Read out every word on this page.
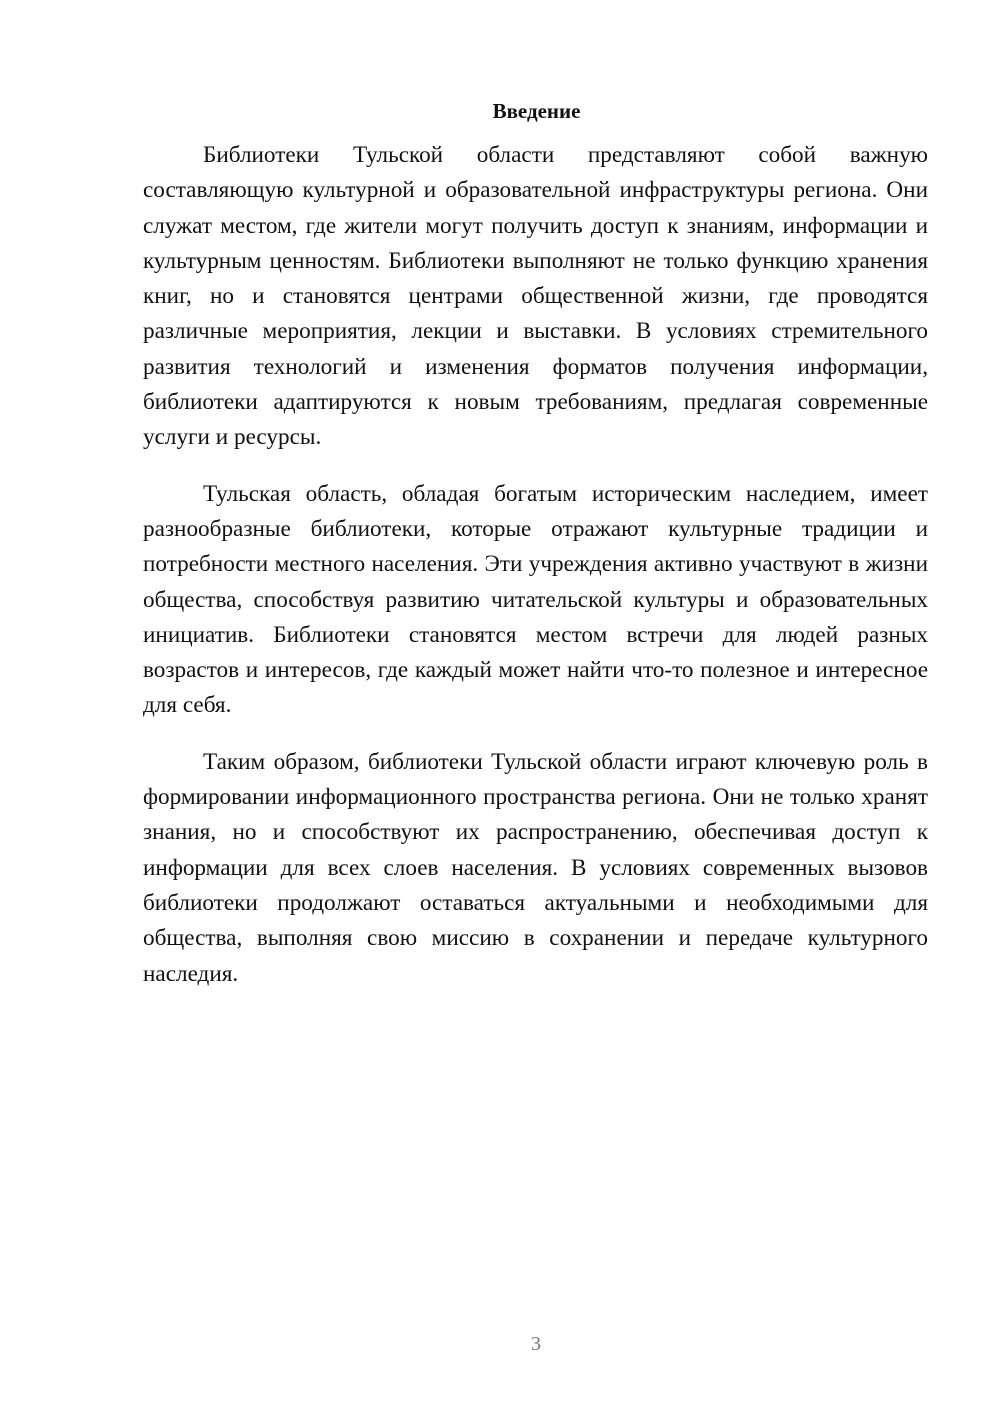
Введение

Библиотеки Тульской области представляют собой важную составляющую культурной и образовательной инфраструктуры региона. Они служат местом, где жители могут получить доступ к знаниям, информации и культурным ценностям. Библиотеки выполняют не только функцию хранения книг, но и становятся центрами общественной жизни, где проводятся различные мероприятия, лекции и выставки. В условиях стремительного развития технологий и изменения форматов получения информации, библиотеки адаптируются к новым требованиям, предлагая современные услуги и ресурсы.

Тульская область, обладая богатым историческим наследием, имеет разнообразные библиотеки, которые отражают культурные традиции и потребности местного населения. Эти учреждения активно участвуют в жизни общества, способствуя развитию читательской культуры и образовательных инициатив. Библиотеки становятся местом встречи для людей разных возрастов и интересов, где каждый может найти что-то полезное и интересное для себя.

Таким образом, библиотеки Тульской области играют ключевую роль в формировании информационного пространства региона. Они не только хранят знания, но и способствуют их распространению, обеспечивая доступ к информации для всех слоев населения. В условиях современных вызовов библиотеки продолжают оставаться актуальными и необходимыми для общества, выполняя свою миссию в сохранении и передаче культурного наследия.

3
